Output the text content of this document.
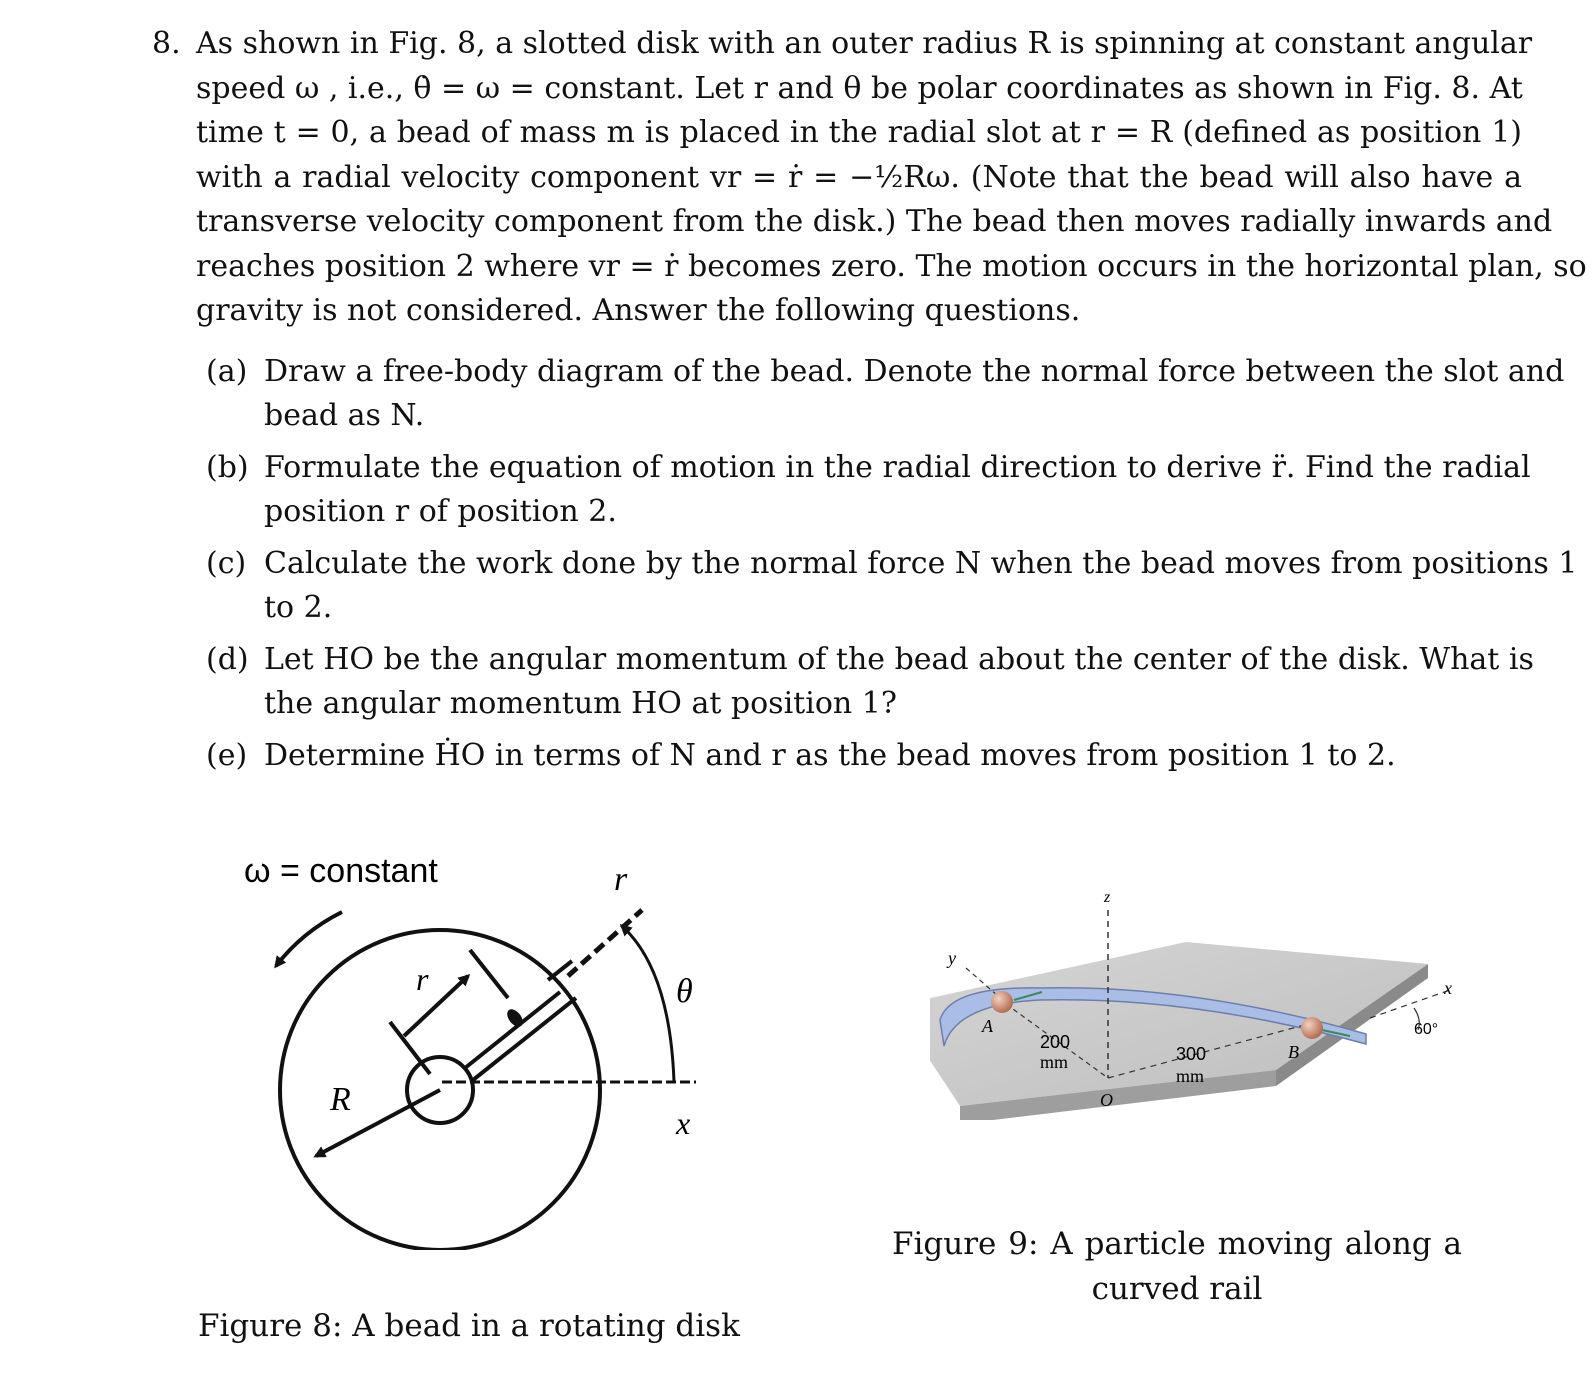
8. As shown in Fig. 8, a slotted disk with an outer radius R is spinning at constant angular
speed ω , i.e., θ̇ = ω = constant. Let r and θ be polar coordinates as shown in Fig. 8. At
time t = 0, a bead of mass m is placed in the radial slot at r = R (defined as position 1)
with a radial velocity component vr = ṙ = −½Rω. (Note that the bead will also have a
transverse velocity component from the disk.) The bead then moves radially inwards and
reaches position 2 where vr = ṙ becomes zero. The motion occurs in the horizontal plan, so
gravity is not considered. Answer the following questions.
(a) Draw a free-body diagram of the bead. Denote the normal force between the slot and
bead as N.
(b) Formulate the equation of motion in the radial direction to derive r̈. Find the radial
position r of position 2.
(c) Calculate the work done by the normal force N when the bead moves from positions 1
to 2.
(d) Let HO be the angular momentum of the bead about the center of the disk. What is
the angular momentum HO at position 1?
(e) Determine ḢO in terms of N and r as the bead moves from position 1 to 2.
ω = constant	r
θ
x
r
R
Figure 8: A bead in a rotating disk
z
y
x
A
B
O
200
mm	300
mm
60°
Figure 9: A particle moving along a
curved rail
